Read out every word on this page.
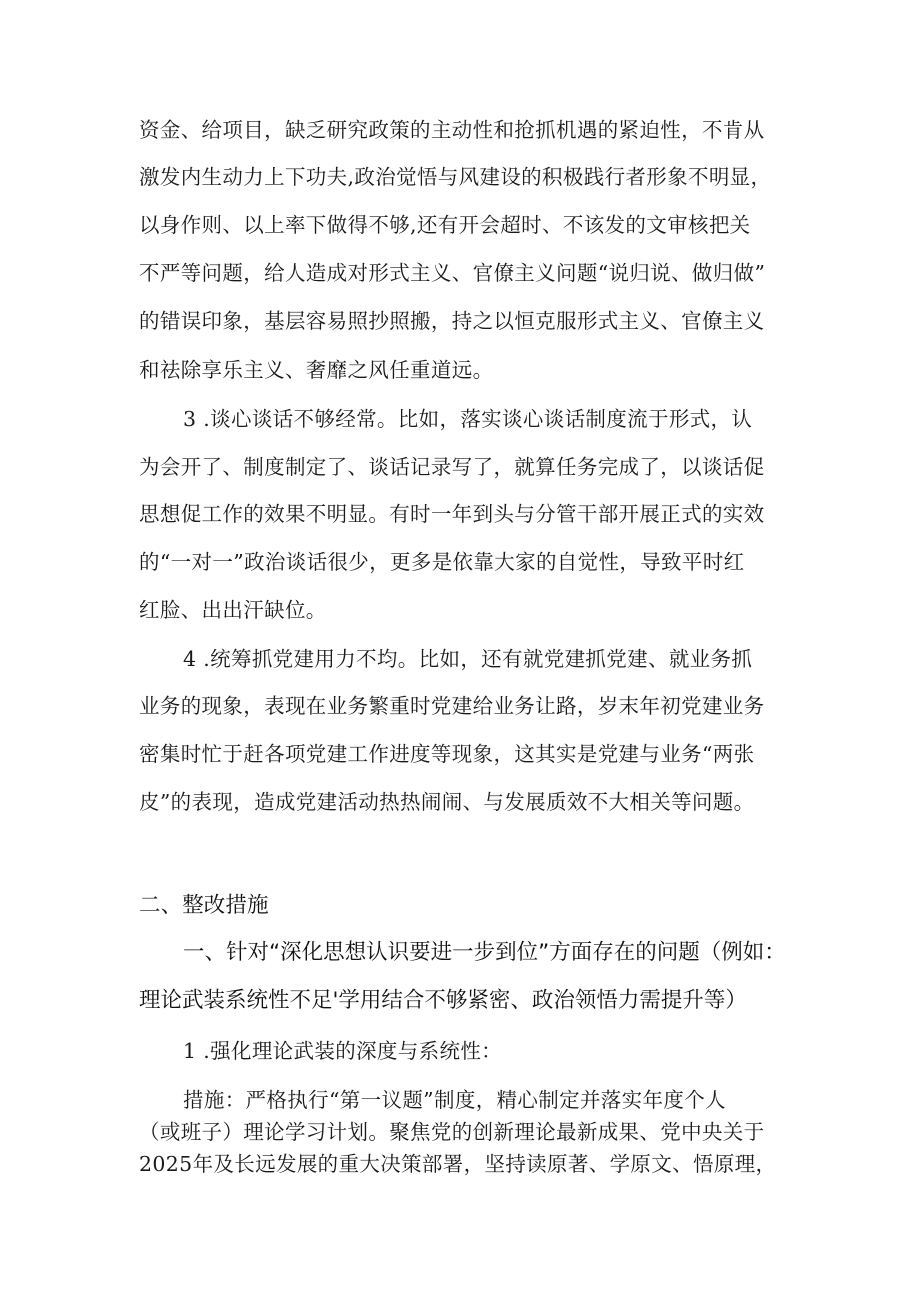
资金、给项目，缺乏研究政策的主动性和抢抓机遇的紧迫性，不肯从
激发内生动力上下功夫,政治觉悟与风建设的积极践行者形象不明显，
以身作则、以上率下做得不够,还有开会超时、不该发的文审核把关
不严等问题，给人造成对形式主义、官僚主义问题“说归说、做归做”
的错误印象，基层容易照抄照搬，持之以恒克服形式主义、官僚主义
和祛除享乐主义、奢靡之风任重道远。
3 .谈心谈话不够经常。比如，落实谈心谈话制度流于形式，认
为会开了、制度制定了、谈话记录写了，就算任务完成了，以谈话促
思想促工作的效果不明显。有时一年到头与分管干部开展正式的实效
的“一对一”政治谈话很少，更多是依靠大家的自觉性，导致平时红
红脸、出出汗缺位。
4 .统筹抓党建用力不均。比如，还有就党建抓党建、就业务抓
业务的现象，表现在业务繁重时党建给业务让路，岁末年初党建业务
密集时忙于赶各项党建工作进度等现象，这其实是党建与业务“两张
皮”的表现，造成党建活动热热闹闹、与发展质效不大相关等问题。
二、整改措施
一、针对“深化思想认识要进一步到位”方面存在的问题（例如：
理论武装系统性不足'学用结合不够紧密、政治领悟力需提升等）
1 .强化理论武装的深度与系统性：
措施：严格执行“第一议题”制度，精心制定并落实年度个人
（或班子）理论学习计划。聚焦党的创新理论最新成果、党中央关于
2025年及长远发展的重大决策部署，坚持读原著、学原文、悟原理，
